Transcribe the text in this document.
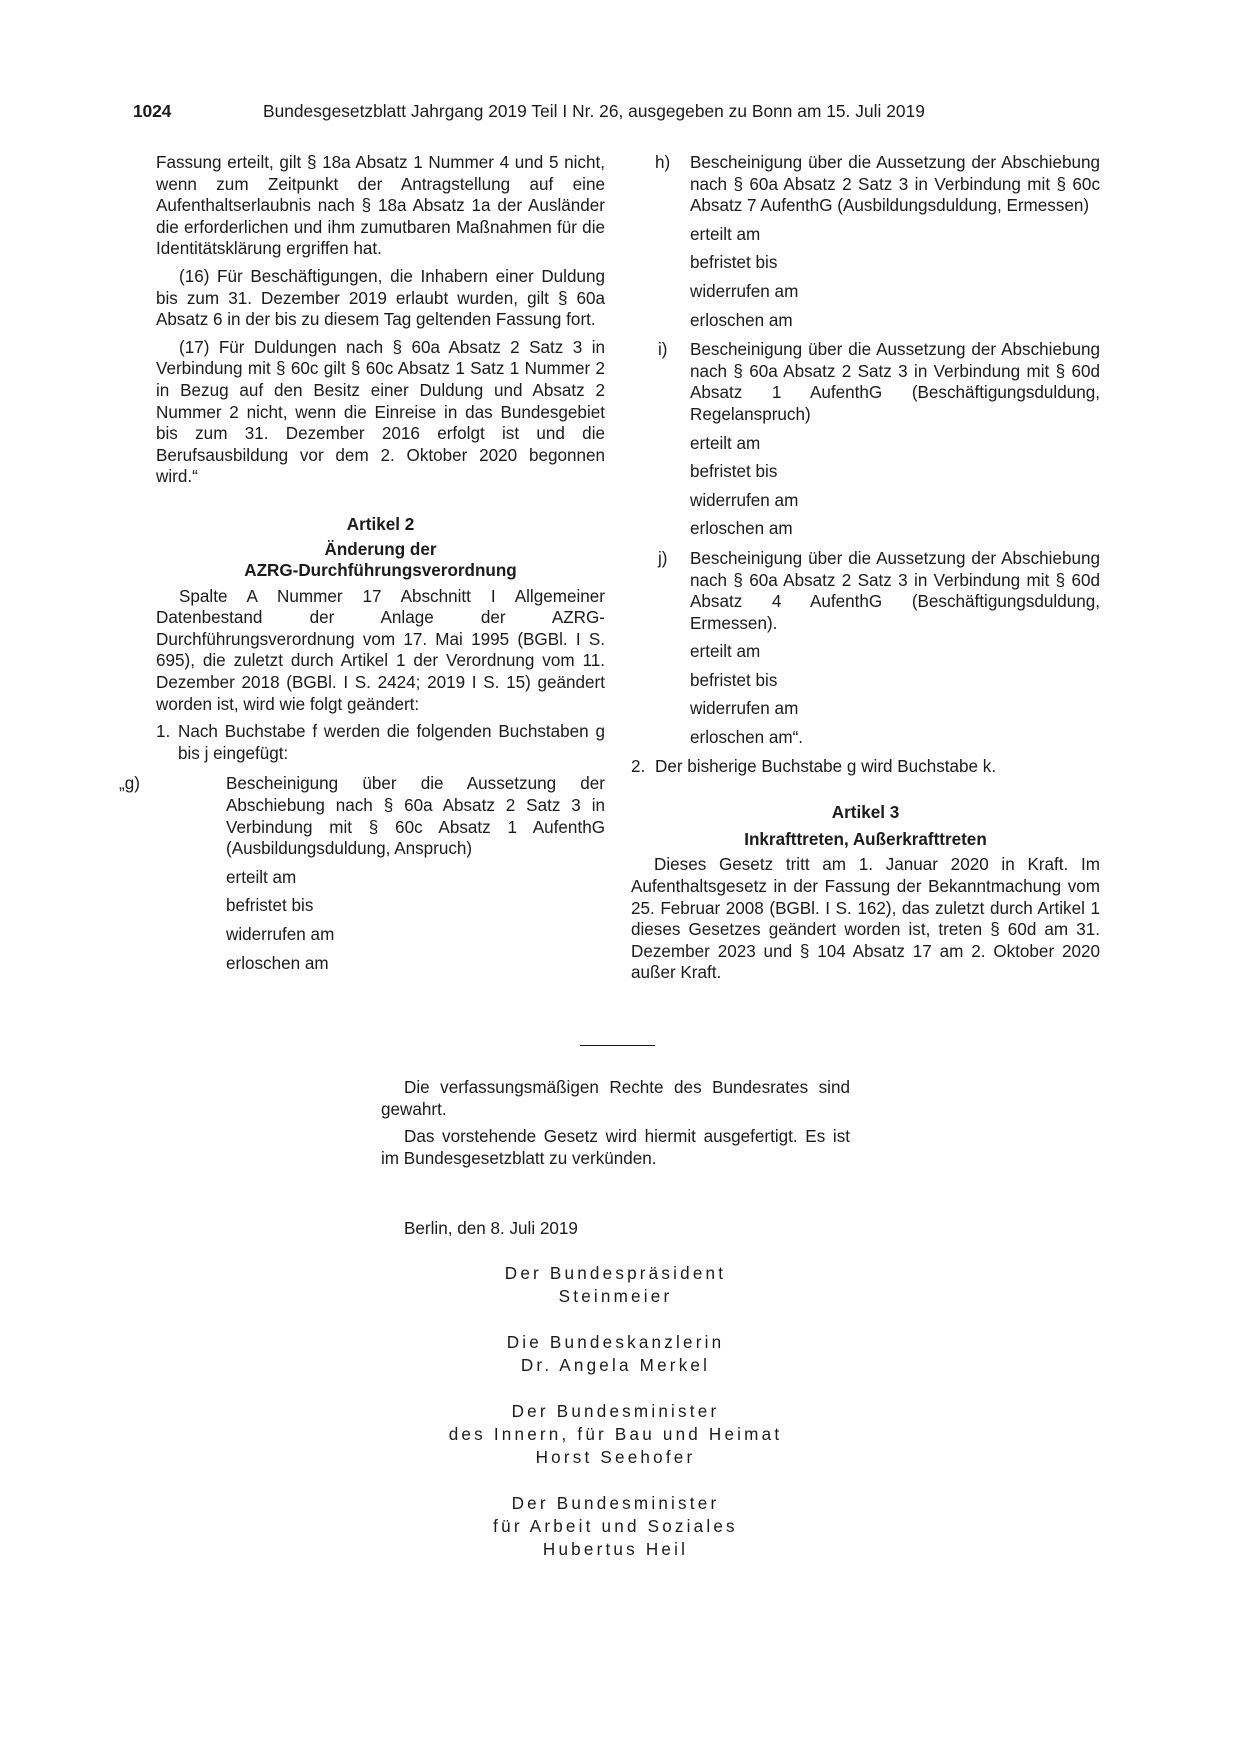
1024	Bundesgesetzblatt Jahrgang 2019 Teil I Nr. 26, ausgegeben zu Bonn am 15. Juli 2019

Fassung erteilt, gilt § 18a Absatz 1 Nummer 4 und 5 nicht, wenn zum Zeitpunkt der Antragstellung auf eine Aufenthaltserlaubnis nach § 18a Absatz 1a der Ausländer die erforderlichen und ihm zumutbaren Maßnahmen für die Identitätsklärung ergriffen hat.

(16) Für Beschäftigungen, die Inhabern einer Duldung bis zum 31. Dezember 2019 erlaubt wurden, gilt § 60a Absatz 6 in der bis zu diesem Tag geltenden Fassung fort.

(17) Für Duldungen nach § 60a Absatz 2 Satz 3 in Verbindung mit § 60c gilt § 60c Absatz 1 Satz 1 Nummer 2 in Bezug auf den Besitz einer Duldung und Absatz 2 Nummer 2 nicht, wenn die Einreise in das Bundesgebiet bis zum 31. Dezember 2016 erfolgt ist und die Berufsausbildung vor dem 2. Oktober 2020 begonnen wird.“

Artikel 2

Änderung der

AZRG-Durchführungsverordnung

Spalte A Nummer 17 Abschnitt I Allgemeiner Datenbestand der Anlage der AZRG-Durchführungsverordnung vom 17. Mai 1995 (BGBl. I S. 695), die zuletzt durch Artikel 1 der Verordnung vom 11. Dezember 2018 (BGBl. I S. 2424; 2019 I S. 15) geändert worden ist, wird wie folgt geändert:

1. Nach Buchstabe f werden die folgenden Buchstaben g bis j eingefügt:

„g)	Bescheinigung über die Aussetzung der Abschiebung nach § 60a Absatz 2 Satz 3 in Verbindung mit § 60c Absatz 1 AufenthG (Ausbildungsduldung, Anspruch)

erteilt am

befristet bis

widerrufen am

erloschen am

h) Bescheinigung über die Aussetzung der Abschiebung nach § 60a Absatz 2 Satz 3 in Verbindung mit § 60c Absatz 7 AufenthG (Ausbildungsduldung, Ermessen)

erteilt am

befristet bis

widerrufen am

erloschen am

i) Bescheinigung über die Aussetzung der Abschiebung nach § 60a Absatz 2 Satz 3 in Verbindung mit § 60d Absatz 1 AufenthG (Beschäftigungsduldung, Regelanspruch)

erteilt am

befristet bis

widerrufen am

erloschen am

j) Bescheinigung über die Aussetzung der Abschiebung nach § 60a Absatz 2 Satz 3 in Verbindung mit § 60d Absatz 4 AufenthG (Beschäftigungsduldung, Ermessen).

erteilt am

befristet bis

widerrufen am

erloschen am“.

2. Der bisherige Buchstabe g wird Buchstabe k.

Artikel 3

Inkrafttreten, Außerkrafttreten

Dieses Gesetz tritt am 1. Januar 2020 in Kraft. Im Aufenthaltsgesetz in der Fassung der Bekanntmachung vom 25. Februar 2008 (BGBl. I S. 162), das zuletzt durch Artikel 1 dieses Gesetzes geändert worden ist, treten § 60d am 31. Dezember 2023 und § 104 Absatz 17 am 2. Oktober 2020 außer Kraft.

Die verfassungsmäßigen Rechte des Bundesrates sind gewahrt.

Das vorstehende Gesetz wird hiermit ausgefertigt. Es ist im Bundesgesetzblatt zu verkünden.

Berlin, den 8. Juli 2019
Der Bundespräsident
Steinmeier
Die Bundeskanzlerin
Dr. Angela Merkel
Der Bundesminister
des Innern, für Bau und Heimat
Horst Seehofer
Der Bundesminister
für Arbeit und Soziales
Hubertus Heil
